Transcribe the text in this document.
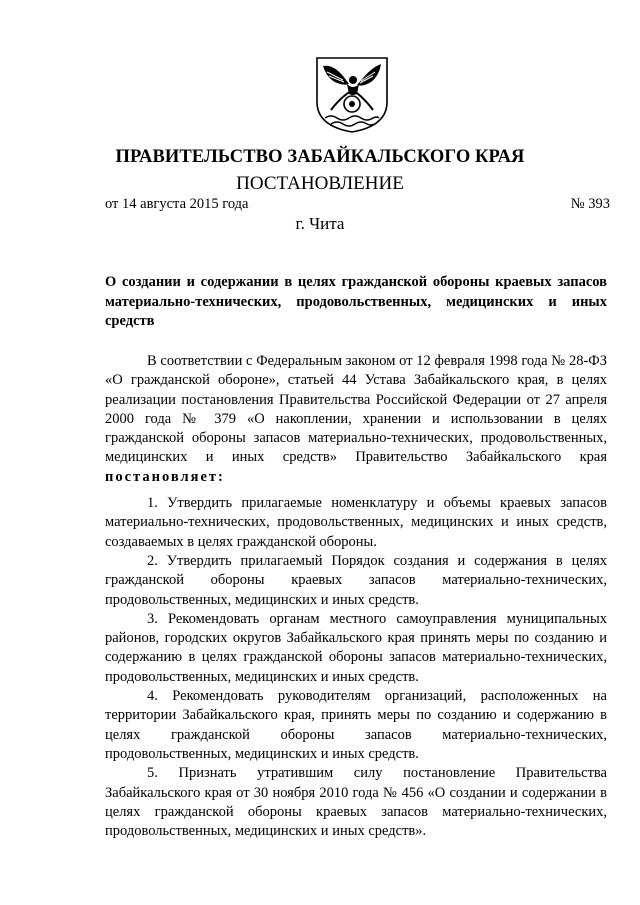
ПРАВИТЕЛЬСТВО ЗАБАЙКАЛЬСКОГО КРАЯ
ПОСТАНОВЛЕНИЕ
от 14 августа 2015 года	№ 393
г. Чита
О создании и содержании в целях гражданской обороны краевых запасов материально-технических, продовольственных, медицинских и иных средств

В соответствии с Федеральным законом от 12 февраля 1998 года № 28-ФЗ «О гражданской обороне», статьей 44 Устава Забайкальского края, в целях реализации постановления Правительства Российской Федерации от 27 апреля 2000 года № 379 «О накоплении, хранении и использовании в целях гражданской обороны запасов материально-технических, продовольственных, медицинских и иных средств» Правительство Забайкальского края постановляет:

1. Утвердить прилагаемые номенклатуру и объемы краевых запасов материально-технических, продовольственных, медицинских и иных средств, создаваемых в целях гражданской обороны.

2. Утвердить прилагаемый Порядок создания и содержания в целях гражданской обороны краевых запасов материально-технических, продовольственных, медицинских и иных средств.

3. Рекомендовать органам местного самоуправления муниципальных районов, городских округов Забайкальского края принять меры по созданию и содержанию в целях гражданской обороны запасов материально-технических, продовольственных, медицинских и иных средств.

4. Рекомендовать руководителям организаций, расположенных на территории Забайкальского края, принять меры по созданию и содержанию в целях гражданской обороны запасов материально-технических, продовольственных, медицинских и иных средств.

5. Признать утратившим силу постановление Правительства Забайкальского края от 30 ноября 2010 года № 456 «О создании и содержании в целях гражданской обороны краевых запасов материально-технических, продовольственных, медицинских и иных средств».
